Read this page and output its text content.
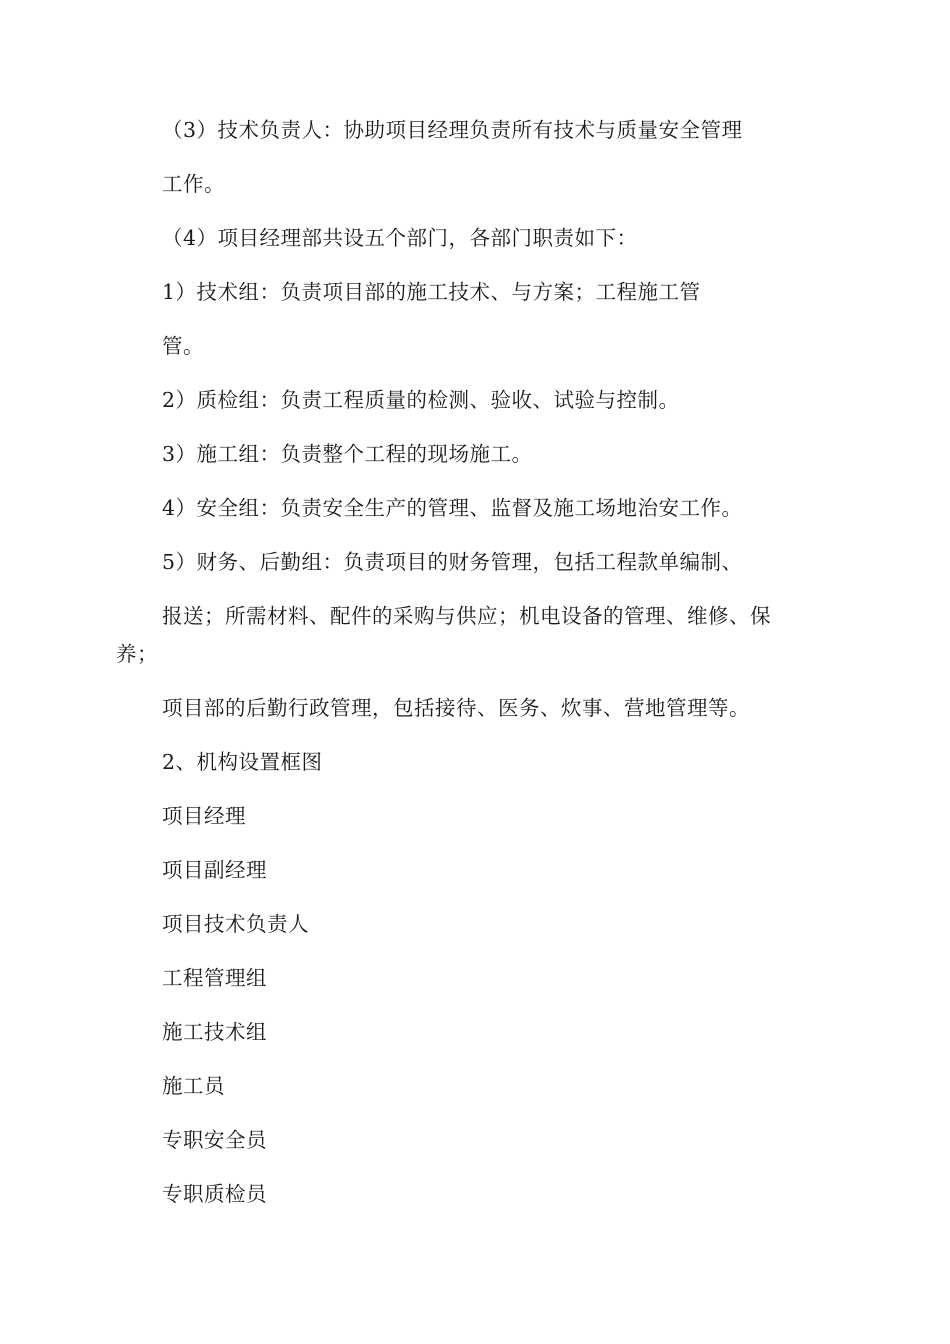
（3）技术负责人：协助项目经理负责所有技术与质量安全管理
工作。
（4）项目经理部共设五个部门，各部门职责如下：
1）技术组：负责项目部的施工技术、与方案；工程施工管
管。
2）质检组：负责工程质量的检测、验收、试验与控制。
3）施工组：负责整个工程的现场施工。
4）安全组：负责安全生产的管理、监督及施工场地治安工作。
5）财务、后勤组：负责项目的财务管理，包括工程款单编制、
报送；所需材料、配件的采购与供应；机电设备的管理、维修、保
养；
项目部的后勤行政管理，包括接待、医务、炊事、营地管理等。
2、机构设置框图
项目经理
项目副经理
项目技术负责人
工程管理组
施工技术组
施工员
专职安全员
专职质检员
